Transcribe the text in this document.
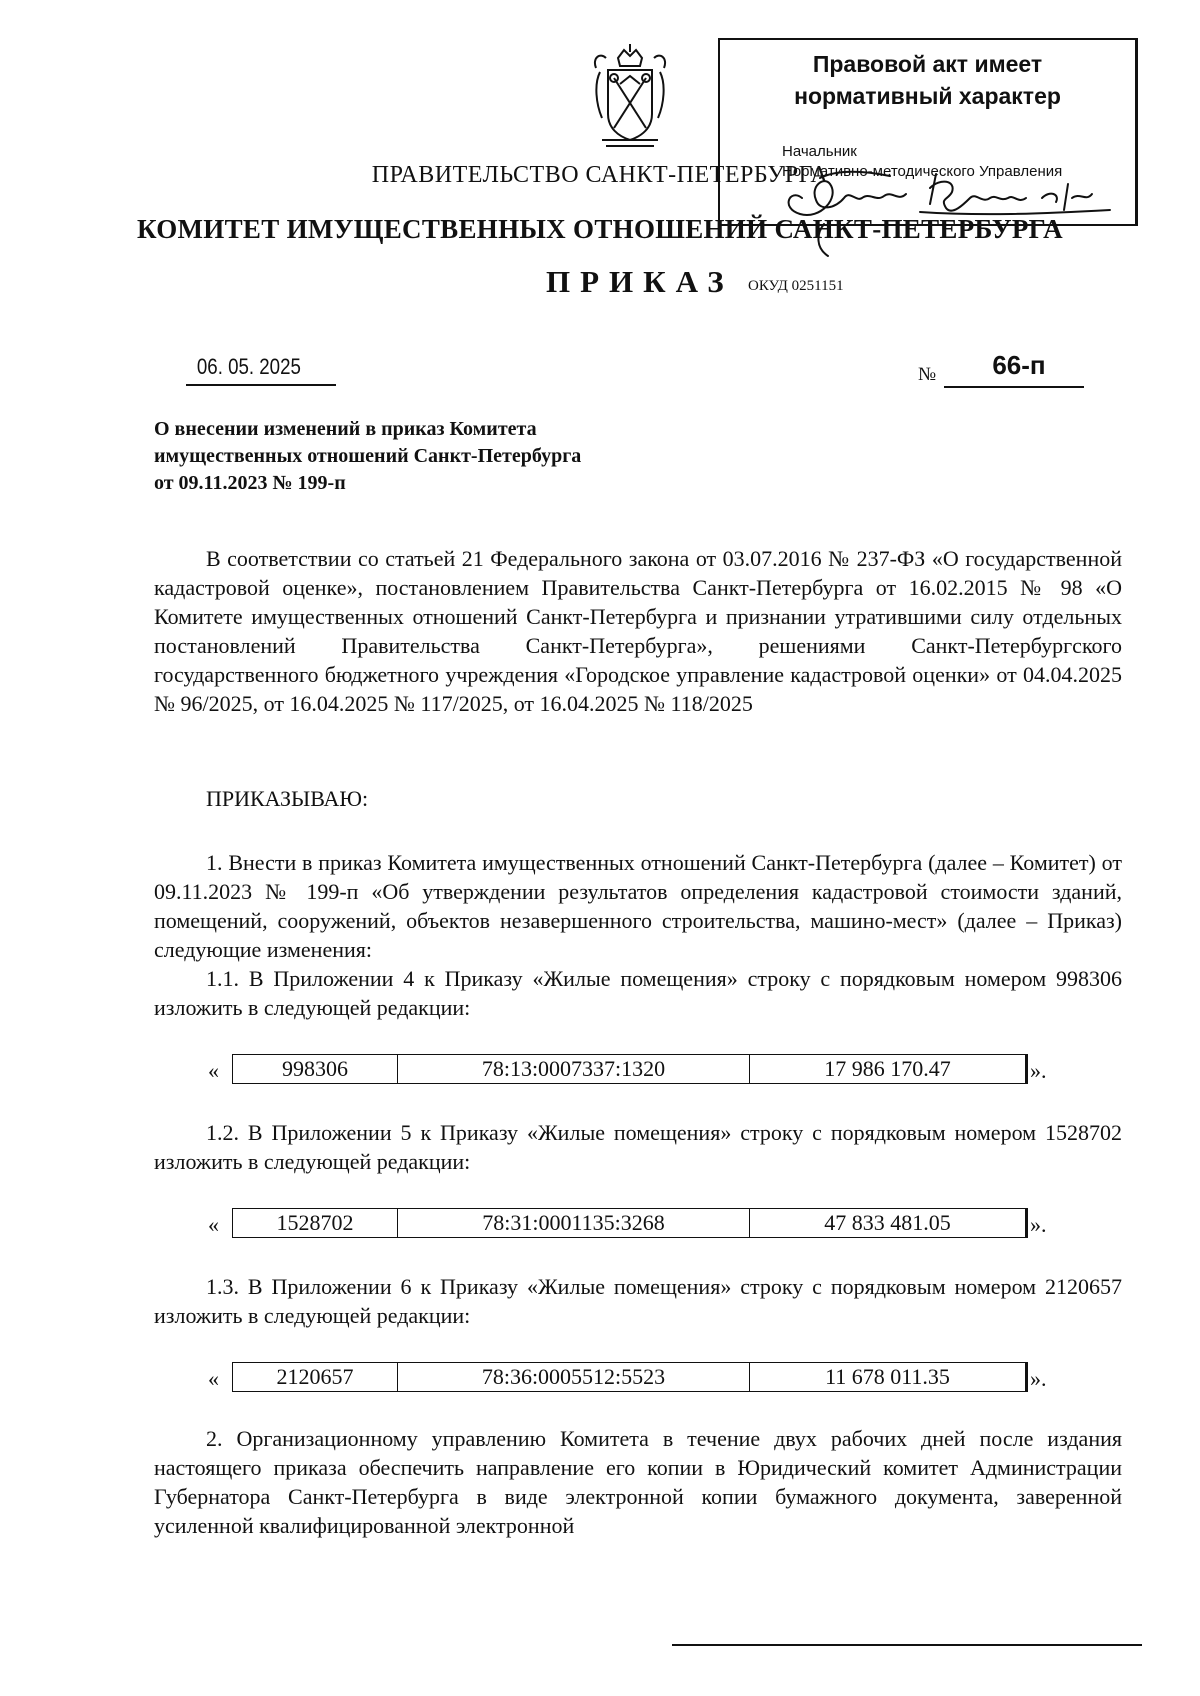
Правовой акт имеет
нормативный характер
Начальник
Нормативно-методического Управления
ПРАВИТЕЛЬСТВО САНКТ-ПЕТЕРБУРГА
КОМИТЕТ ИМУЩЕСТВЕННЫХ ОТНОШЕНИЙ САНКТ-ПЕТЕРБУРГА
ПРИКАЗ ОКУД 0251151
06. 05. 2025	№	66-п
О внесении изменений в приказ Комитета
имущественных отношений Санкт-Петербурга
от 09.11.2023 № 199-п
В соответствии со статьей 21 Федерального закона от 03.07.2016 № 237-ФЗ «О государственной кадастровой оценке», постановлением Правительства Санкт-Петербурга от 16.02.2015 № 98 «О Комитете имущественных отношений Санкт-Петербурга и признании утратившими силу отдельных постановлений Правительства Санкт-Петербурга», решениями Санкт-Петербургского государственного бюджетного учреждения «Городское управление кадастровой оценки» от 04.04.2025 № 96/2025, от 16.04.2025 № 117/2025, от 16.04.2025 № 118/2025
ПРИКАЗЫВАЮ:
1. Внести в приказ Комитета имущественных отношений Санкт-Петербурга (далее – Комитет) от 09.11.2023 № 199-п «Об утверждении результатов определения кадастровой стоимости зданий, помещений, сооружений, объектов незавершенного строительства, машино-мест» (далее – Приказ) следующие изменения:
1.1. В Приложении 4 к Приказу «Жилые помещения» строку с порядковым номером 998306 изложить в следующей редакции:
«	998306	78:13:0007337:1320	17 986 170.47	».
1.2. В Приложении 5 к Приказу «Жилые помещения» строку с порядковым номером 1528702 изложить в следующей редакции:
«	1528702	78:31:0001135:3268	47 833 481.05	».
1.3. В Приложении 6 к Приказу «Жилые помещения» строку с порядковым номером 2120657 изложить в следующей редакции:
«	2120657	78:36:0005512:5523	11 678 011.35	».
2. Организационному управлению Комитета в течение двух рабочих дней после издания настоящего приказа обеспечить направление его копии в Юридический комитет Администрации Губернатора Санкт-Петербурга в виде электронной копии бумажного документа, заверенной усиленной квалифицированной электронной
